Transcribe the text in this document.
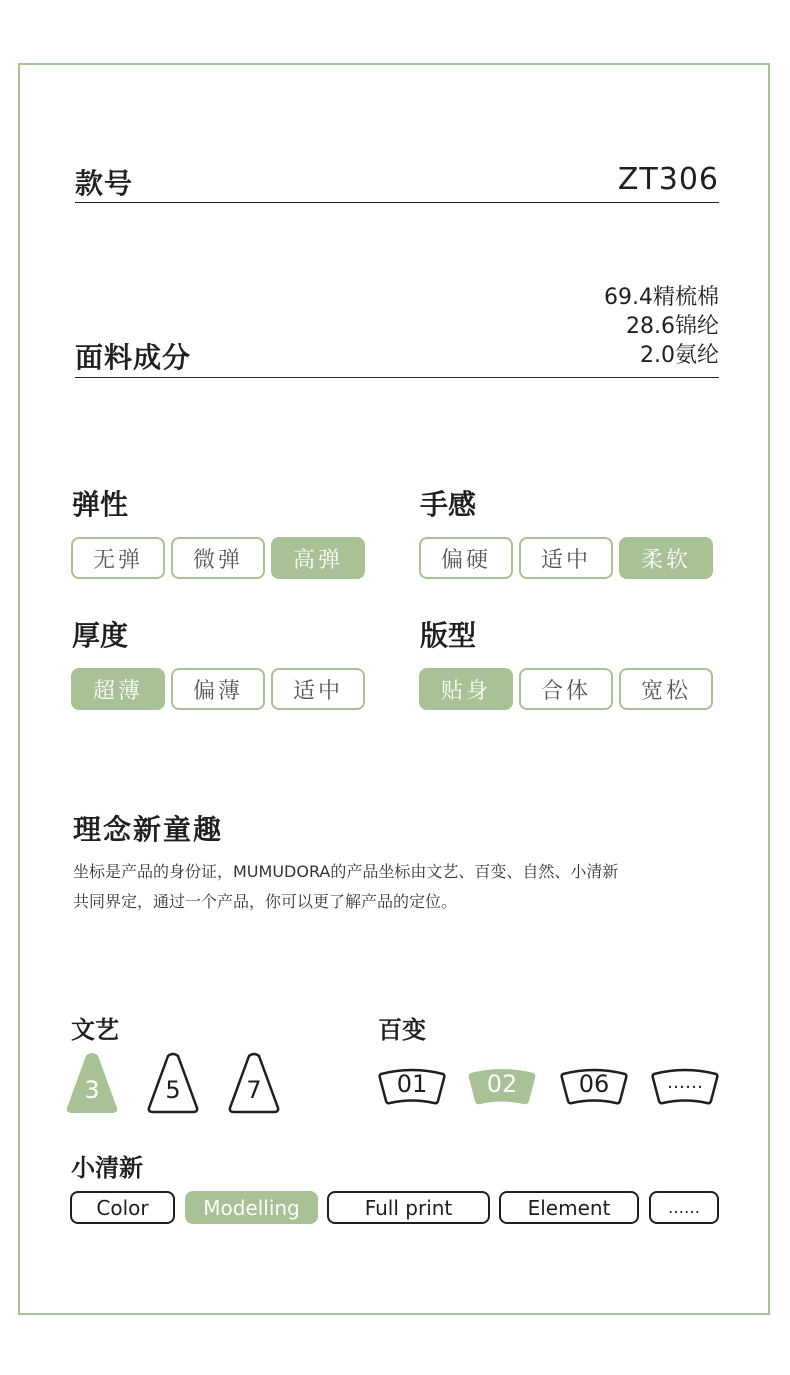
款号	ZT306
面料成分
69.4精梳棉
28.6锦纶
2.0氨纶
弹性
无弹	微弹	高弹
手感
偏硬	适中	柔软
厚度
超薄	偏薄	适中
版型
贴身	合体	宽松
理念新童趣
坐标是产品的身份证，MUMUDORA的产品坐标由文艺、百变、自然、小清新
共同界定，通过一个产品，你可以更了解产品的定位。
文艺
3	5	7
百变
01	02	06	……
小清新
Color	Modelling	Full print	Element	……
